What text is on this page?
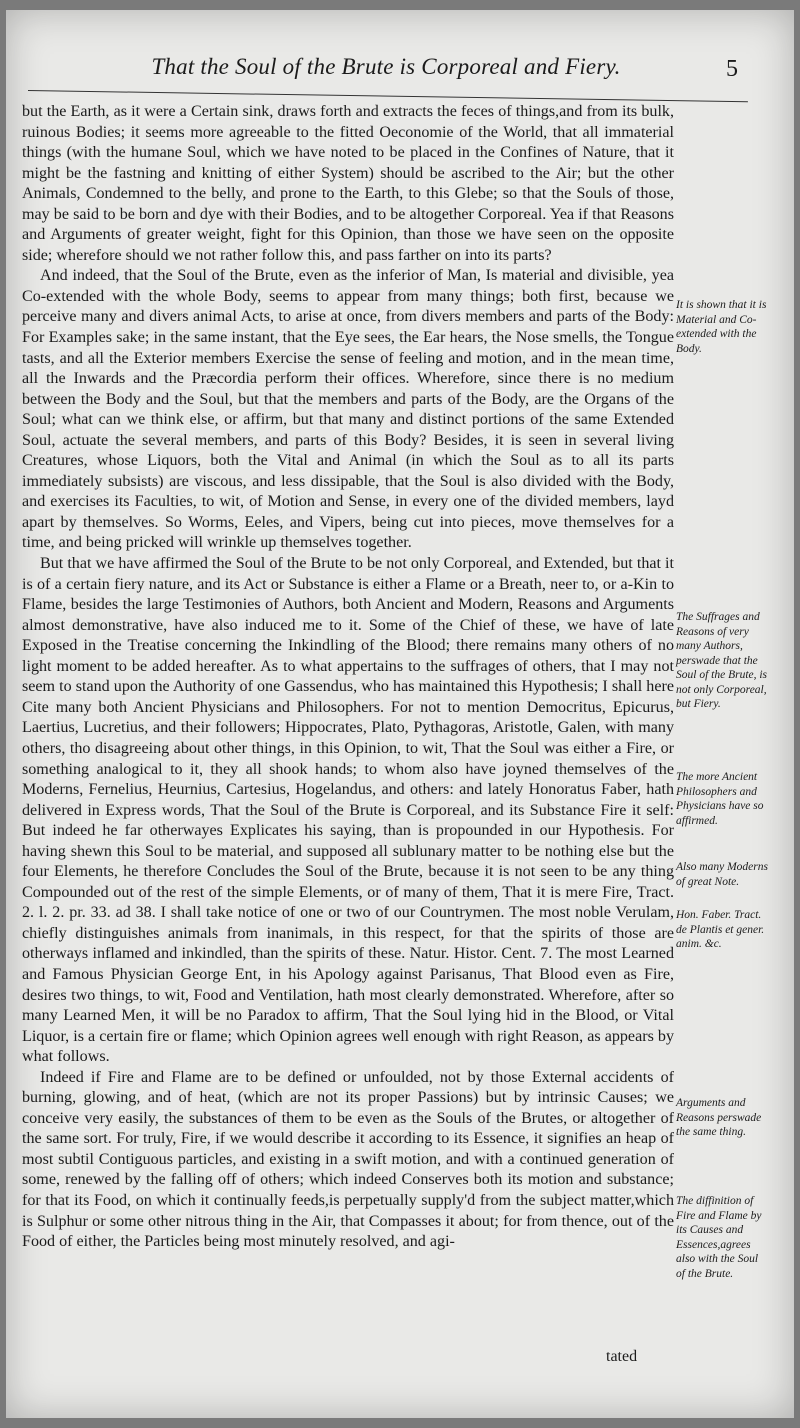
That the Soul of the Brute is Corporeal and Fiery.	5

but the Earth, as it were a Certain sink, draws forth and extracts the feces of things,and from its bulk, ruinous Bodies; it seems more agreeable to the fitted Oeconomie of the World, that all immaterial things (with the humane Soul, which we have noted to be placed in the Confines of Nature, that it might be the fastning and knitting of either System) should be ascribed to the Air; but the other Animals, Condemned to the belly, and prone to the Earth, to this Glebe; so that the Souls of those, may be said to be born and dye with their Bodies, and to be altogether Corporeal. Yea if that Reasons and Arguments of greater weight, fight for this Opinion, than those we have seen on the opposite side; wherefore should we not rather follow this, and pass farther on into its parts?

And indeed, that the Soul of the Brute, even as the inferior of Man, Is material and divisible, yea Co-extended with the whole Body, seems to appear from many things; both first, because we perceive many and divers animal Acts, to arise at once, from divers members and parts of the Body: For Examples sake; in the same instant, that the Eye sees, the Ear hears, the Nose smells, the Tongue tasts, and all the Exterior members Exercise the sense of feeling and motion, and in the mean time, all the Inwards and the Præcordia perform their offices. Wherefore, since there is no medium between the Body and the Soul, but that the members and parts of the Body, are the Organs of the Soul; what can we think else, or affirm, but that many and distinct portions of the same Extended Soul, actuate the several members, and parts of this Body? Besides, it is seen in several living Creatures, whose Liquors, both the Vital and Animal (in which the Soul as to all its parts immediately subsists) are viscous, and less dissipable, that the Soul is also divided with the Body, and exercises its Faculties, to wit, of Motion and Sense, in every one of the divided members, layd apart by themselves. So Worms, Eeles, and Vipers, being cut into pieces, move themselves for a time, and being pricked will wrinkle up themselves together.

But that we have affirmed the Soul of the Brute to be not only Corporeal, and Extended, but that it is of a certain fiery nature, and its Act or Substance is either a Flame or a Breath, neer to, or a-Kin to Flame, besides the large Testimonies of Authors, both Ancient and Modern, Reasons and Arguments almost demonstrative, have also induced me to it. Some of the Chief of these, we have of late Exposed in the Treatise concerning the Inkindling of the Blood; there remains many others of no light moment to be added hereafter. As to what appertains to the suffrages of others, that I may not seem to stand upon the Authority of one Gassendus, who has maintained this Hypothesis; I shall here Cite many both Ancient Physicians and Philosophers. For not to mention Democritus, Epicurus, Laertius, Lucretius, and their followers; Hippocrates, Plato, Pythagoras, Aristotle, Galen, with many others, tho disagreeing about other things, in this Opinion, to wit, That the Soul was either a Fire, or something analogical to it, they all shook hands; to whom also have joyned themselves of the Moderns, Fernelius, Heurnius, Cartesius, Hogelandus, and others: and lately Honoratus Faber, hath delivered in Express words, That the Soul of the Brute is Corporeal, and its Substance Fire it self: But indeed he far otherwayes Explicates his saying, than is propounded in our Hypothesis. For having shewn this Soul to be material, and supposed all sublunary matter to be nothing else but the four Elements, he therefore Concludes the Soul of the Brute, because it is not seen to be any thing Compounded out of the rest of the simple Elements, or of many of them, That it is mere Fire, Tract. 2. l. 2. pr. 33. ad 38. I shall take notice of one or two of our Countrymen. The most noble Verulam, chiefly distinguishes animals from inanimals, in this respect, for that the spirits of those are otherways inflamed and inkindled, than the spirits of these. Natur. Histor. Cent. 7. The most Learned and Famous Physician George Ent, in his Apology against Parisanus, That Blood even as Fire, desires two things, to wit, Food and Ventilation, hath most clearly demonstrated. Wherefore, after so many Learned Men, it will be no Paradox to affirm, That the Soul lying hid in the Blood, or Vital Liquor, is a certain fire or flame; which Opinion agrees well enough with right Reason, as appears by what follows.

Indeed if Fire and Flame are to be defined or unfoulded, not by those External accidents of burning, glowing, and of heat, (which are not its proper Passions) but by intrinsic Causes; we conceive very easily, the substances of them to be even as the Souls of the Brutes, or altogether of the same sort. For truly, Fire, if we would describe it according to its Essence, it signifies an heap of most subtil Contiguous particles, and existing in a swift motion, and with a continued generation of some, renewed by the falling off of others; which indeed Conserves both its motion and substance; for that its Food, on which it continually feeds,is perpetually supply'd from the subject matter,which is Sulphur or some other nitrous thing in the Air, that Compasses it about; for from thence, out of the Food of either, the Particles being most minutely resolved, and agi-

It is shown that it is Material and Co-extended with the Body.
The Suffrages and Reasons of very many Authors, perswade that the Soul of the Brute, is not only Corporeal, but Fiery.
The more Ancient Philosophers and Physicians have so affirmed.
Also many Moderns of great Note.
Hon. Faber. Tract. de Plantis et gener. anim. &c.
Arguments and Reasons perswade the same thing.
The diffinition of Fire and Flame by its Causes and Essences,agrees also with the Soul of the Brute.
tated
